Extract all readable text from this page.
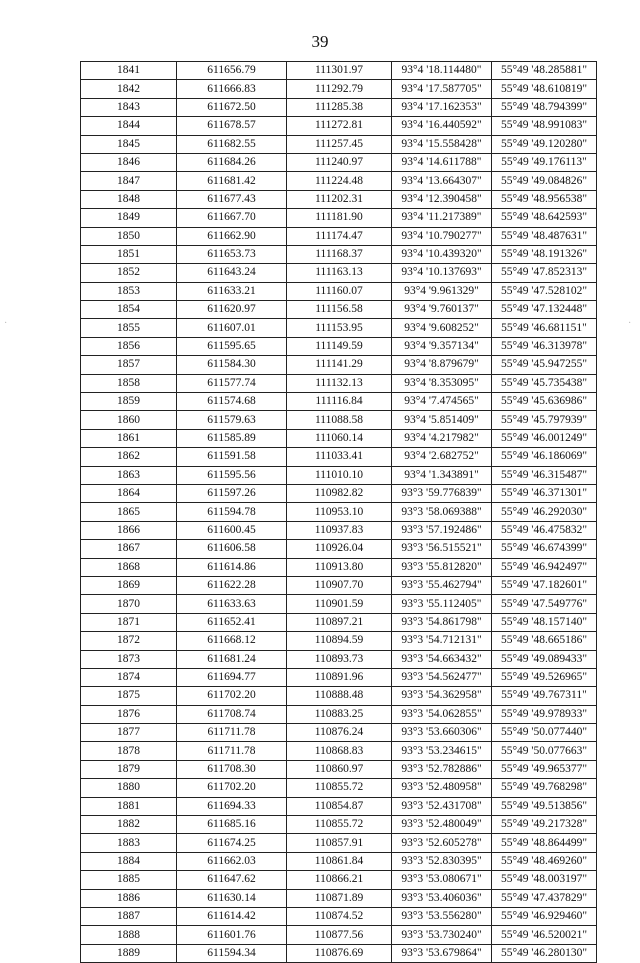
39
·	·
1841	611656.79	111301.97	93°4 '18.114480"	55°49 '48.285881"
1842	611666.83	111292.79	93°4 '17.587705"	55°49 '48.610819"
1843	611672.50	111285.38	93°4 '17.162353"	55°49 '48.794399"
1844	611678.57	111272.81	93°4 '16.440592"	55°49 '48.991083"
1845	611682.55	111257.45	93°4 '15.558428"	55°49 '49.120280"
1846	611684.26	111240.97	93°4 '14.611788"	55°49 '49.176113"
1847	611681.42	111224.48	93°4 '13.664307"	55°49 '49.084826"
1848	611677.43	111202.31	93°4 '12.390458"	55°49 '48.956538"
1849	611667.70	111181.90	93°4 '11.217389"	55°49 '48.642593"
1850	611662.90	111174.47	93°4 '10.790277"	55°49 '48.487631"
1851	611653.73	111168.37	93°4 '10.439320"	55°49 '48.191326"
1852	611643.24	111163.13	93°4 '10.137693"	55°49 '47.852313"
1853	611633.21	111160.07	93°4 '9.961329"	55°49 '47.528102"
1854	611620.97	111156.58	93°4 '9.760137"	55°49 '47.132448"
1855	611607.01	111153.95	93°4 '9.608252"	55°49 '46.681151"
1856	611595.65	111149.59	93°4 '9.357134"	55°49 '46.313978"
1857	611584.30	111141.29	93°4 '8.879679"	55°49 '45.947255"
1858	611577.74	111132.13	93°4 '8.353095"	55°49 '45.735438"
1859	611574.68	111116.84	93°4 '7.474565"	55°49 '45.636986"
1860	611579.63	111088.58	93°4 '5.851409"	55°49 '45.797939"
1861	611585.89	111060.14	93°4 '4.217982"	55°49 '46.001249"
1862	611591.58	111033.41	93°4 '2.682752"	55°49 '46.186069"
1863	611595.56	111010.10	93°4 '1.343891"	55°49 '46.315487"
1864	611597.26	110982.82	93°3 '59.776839"	55°49 '46.371301"
1865	611594.78	110953.10	93°3 '58.069388"	55°49 '46.292030"
1866	611600.45	110937.83	93°3 '57.192486"	55°49 '46.475832"
1867	611606.58	110926.04	93°3 '56.515521"	55°49 '46.674399"
1868	611614.86	110913.80	93°3 '55.812820"	55°49 '46.942497"
1869	611622.28	110907.70	93°3 '55.462794"	55°49 '47.182601"
1870	611633.63	110901.59	93°3 '55.112405"	55°49 '47.549776"
1871	611652.41	110897.21	93°3 '54.861798"	55°49 '48.157140"
1872	611668.12	110894.59	93°3 '54.712131"	55°49 '48.665186"
1873	611681.24	110893.73	93°3 '54.663432"	55°49 '49.089433"
1874	611694.77	110891.96	93°3 '54.562477"	55°49 '49.526965"
1875	611702.20	110888.48	93°3 '54.362958"	55°49 '49.767311"
1876	611708.74	110883.25	93°3 '54.062855"	55°49 '49.978933"
1877	611711.78	110876.24	93°3 '53.660306"	55°49 '50.077440"
1878	611711.78	110868.83	93°3 '53.234615"	55°49 '50.077663"
1879	611708.30	110860.97	93°3 '52.782886"	55°49 '49.965377"
1880	611702.20	110855.72	93°3 '52.480958"	55°49 '49.768298"
1881	611694.33	110854.87	93°3 '52.431708"	55°49 '49.513856"
1882	611685.16	110855.72	93°3 '52.480049"	55°49 '49.217328"
1883	611674.25	110857.91	93°3 '52.605278"	55°49 '48.864499"
1884	611662.03	110861.84	93°3 '52.830395"	55°49 '48.469260"
1885	611647.62	110866.21	93°3 '53.080671"	55°49 '48.003197"
1886	611630.14	110871.89	93°3 '53.406036"	55°49 '47.437829"
1887	611614.42	110874.52	93°3 '53.556280"	55°49 '46.929460"
1888	611601.76	110877.56	93°3 '53.730240"	55°49 '46.520021"
1889	611594.34	110876.69	93°3 '53.679864"	55°49 '46.280130"
